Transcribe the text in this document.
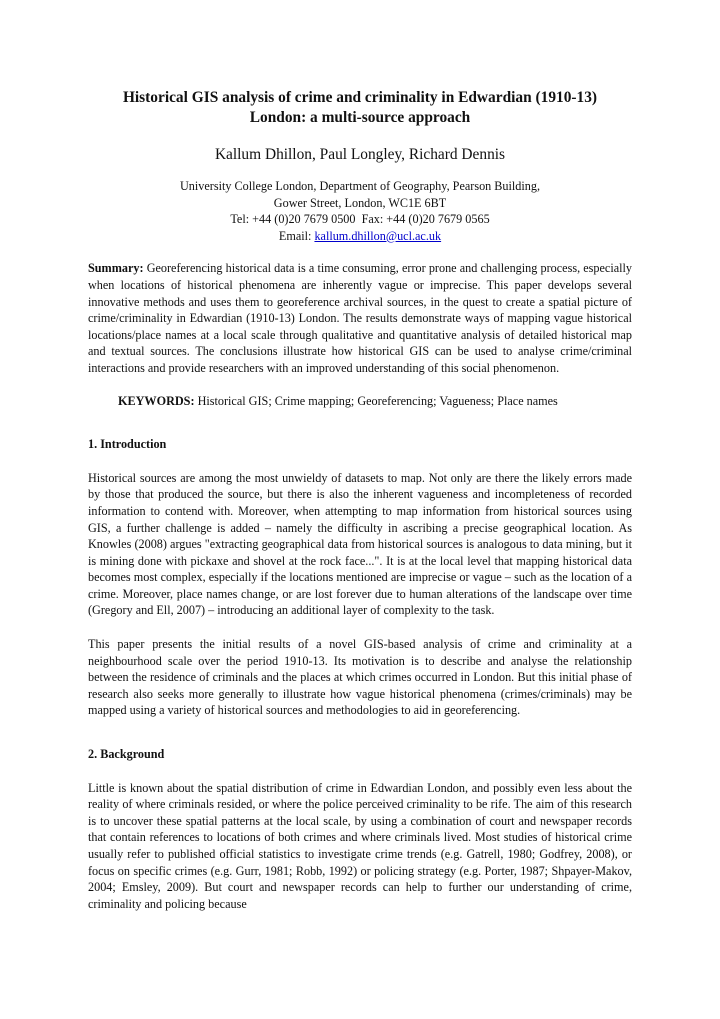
Historical GIS analysis of crime and criminality in Edwardian (1910-13)
London: a multi-source approach
Kallum Dhillon, Paul Longley, Richard Dennis
University College London, Department of Geography, Pearson Building,
Gower Street, London, WC1E 6BT
Tel: +44 (0)20 7679 0500  Fax: +44 (0)20 7679 0565
Email: kallum.dhillon@ucl.ac.uk

Summary: Georeferencing historical data is a time consuming, error prone and challenging process, especially when locations of historical phenomena are inherently vague or imprecise. This paper develops several innovative methods and uses them to georeference archival sources, in the quest to create a spatial picture of crime/criminality in Edwardian (1910-13) London. The results demonstrate ways of mapping vague historical locations/place names at a local scale through qualitative and quantitative analysis of detailed historical map and textual sources. The conclusions illustrate how historical GIS can be used to analyse crime/criminal interactions and provide researchers with an improved understanding of this social phenomenon.

KEYWORDS: Historical GIS; Crime mapping; Georeferencing; Vagueness; Place names

1. Introduction

Historical sources are among the most unwieldy of datasets to map. Not only are there the likely errors made by those that produced the source, but there is also the inherent vagueness and incompleteness of recorded information to contend with. Moreover, when attempting to map information from historical sources using GIS, a further challenge is added – namely the difficulty in ascribing a precise geographical location. As Knowles (2008) argues "extracting geographical data from historical sources is analogous to data mining, but it is mining done with pickaxe and shovel at the rock face...". It is at the local level that mapping historical data becomes most complex, especially if the locations mentioned are imprecise or vague – such as the location of a crime. Moreover, place names change, or are lost forever due to human alterations of the landscape over time (Gregory and Ell, 2007) – introducing an additional layer of complexity to the task.

This paper presents the initial results of a novel GIS-based analysis of crime and criminality at a neighbourhood scale over the period 1910-13. Its motivation is to describe and analyse the relationship between the residence of criminals and the places at which crimes occurred in London. But this initial phase of research also seeks more generally to illustrate how vague historical phenomena (crimes/criminals) may be mapped using a variety of historical sources and methodologies to aid in georeferencing.

2. Background

Little is known about the spatial distribution of crime in Edwardian London, and possibly even less about the reality of where criminals resided, or where the police perceived criminality to be rife. The aim of this research is to uncover these spatial patterns at the local scale, by using a combination of court and newspaper records that contain references to locations of both crimes and where criminals lived. Most studies of historical crime usually refer to published official statistics to investigate crime trends (e.g. Gatrell, 1980; Godfrey, 2008), or focus on specific crimes (e.g. Gurr, 1981; Robb, 1992) or policing strategy (e.g. Porter, 1987; Shpayer-Makov, 2004; Emsley, 2009). But court and newspaper records can help to further our understanding of crime, criminality and policing because
